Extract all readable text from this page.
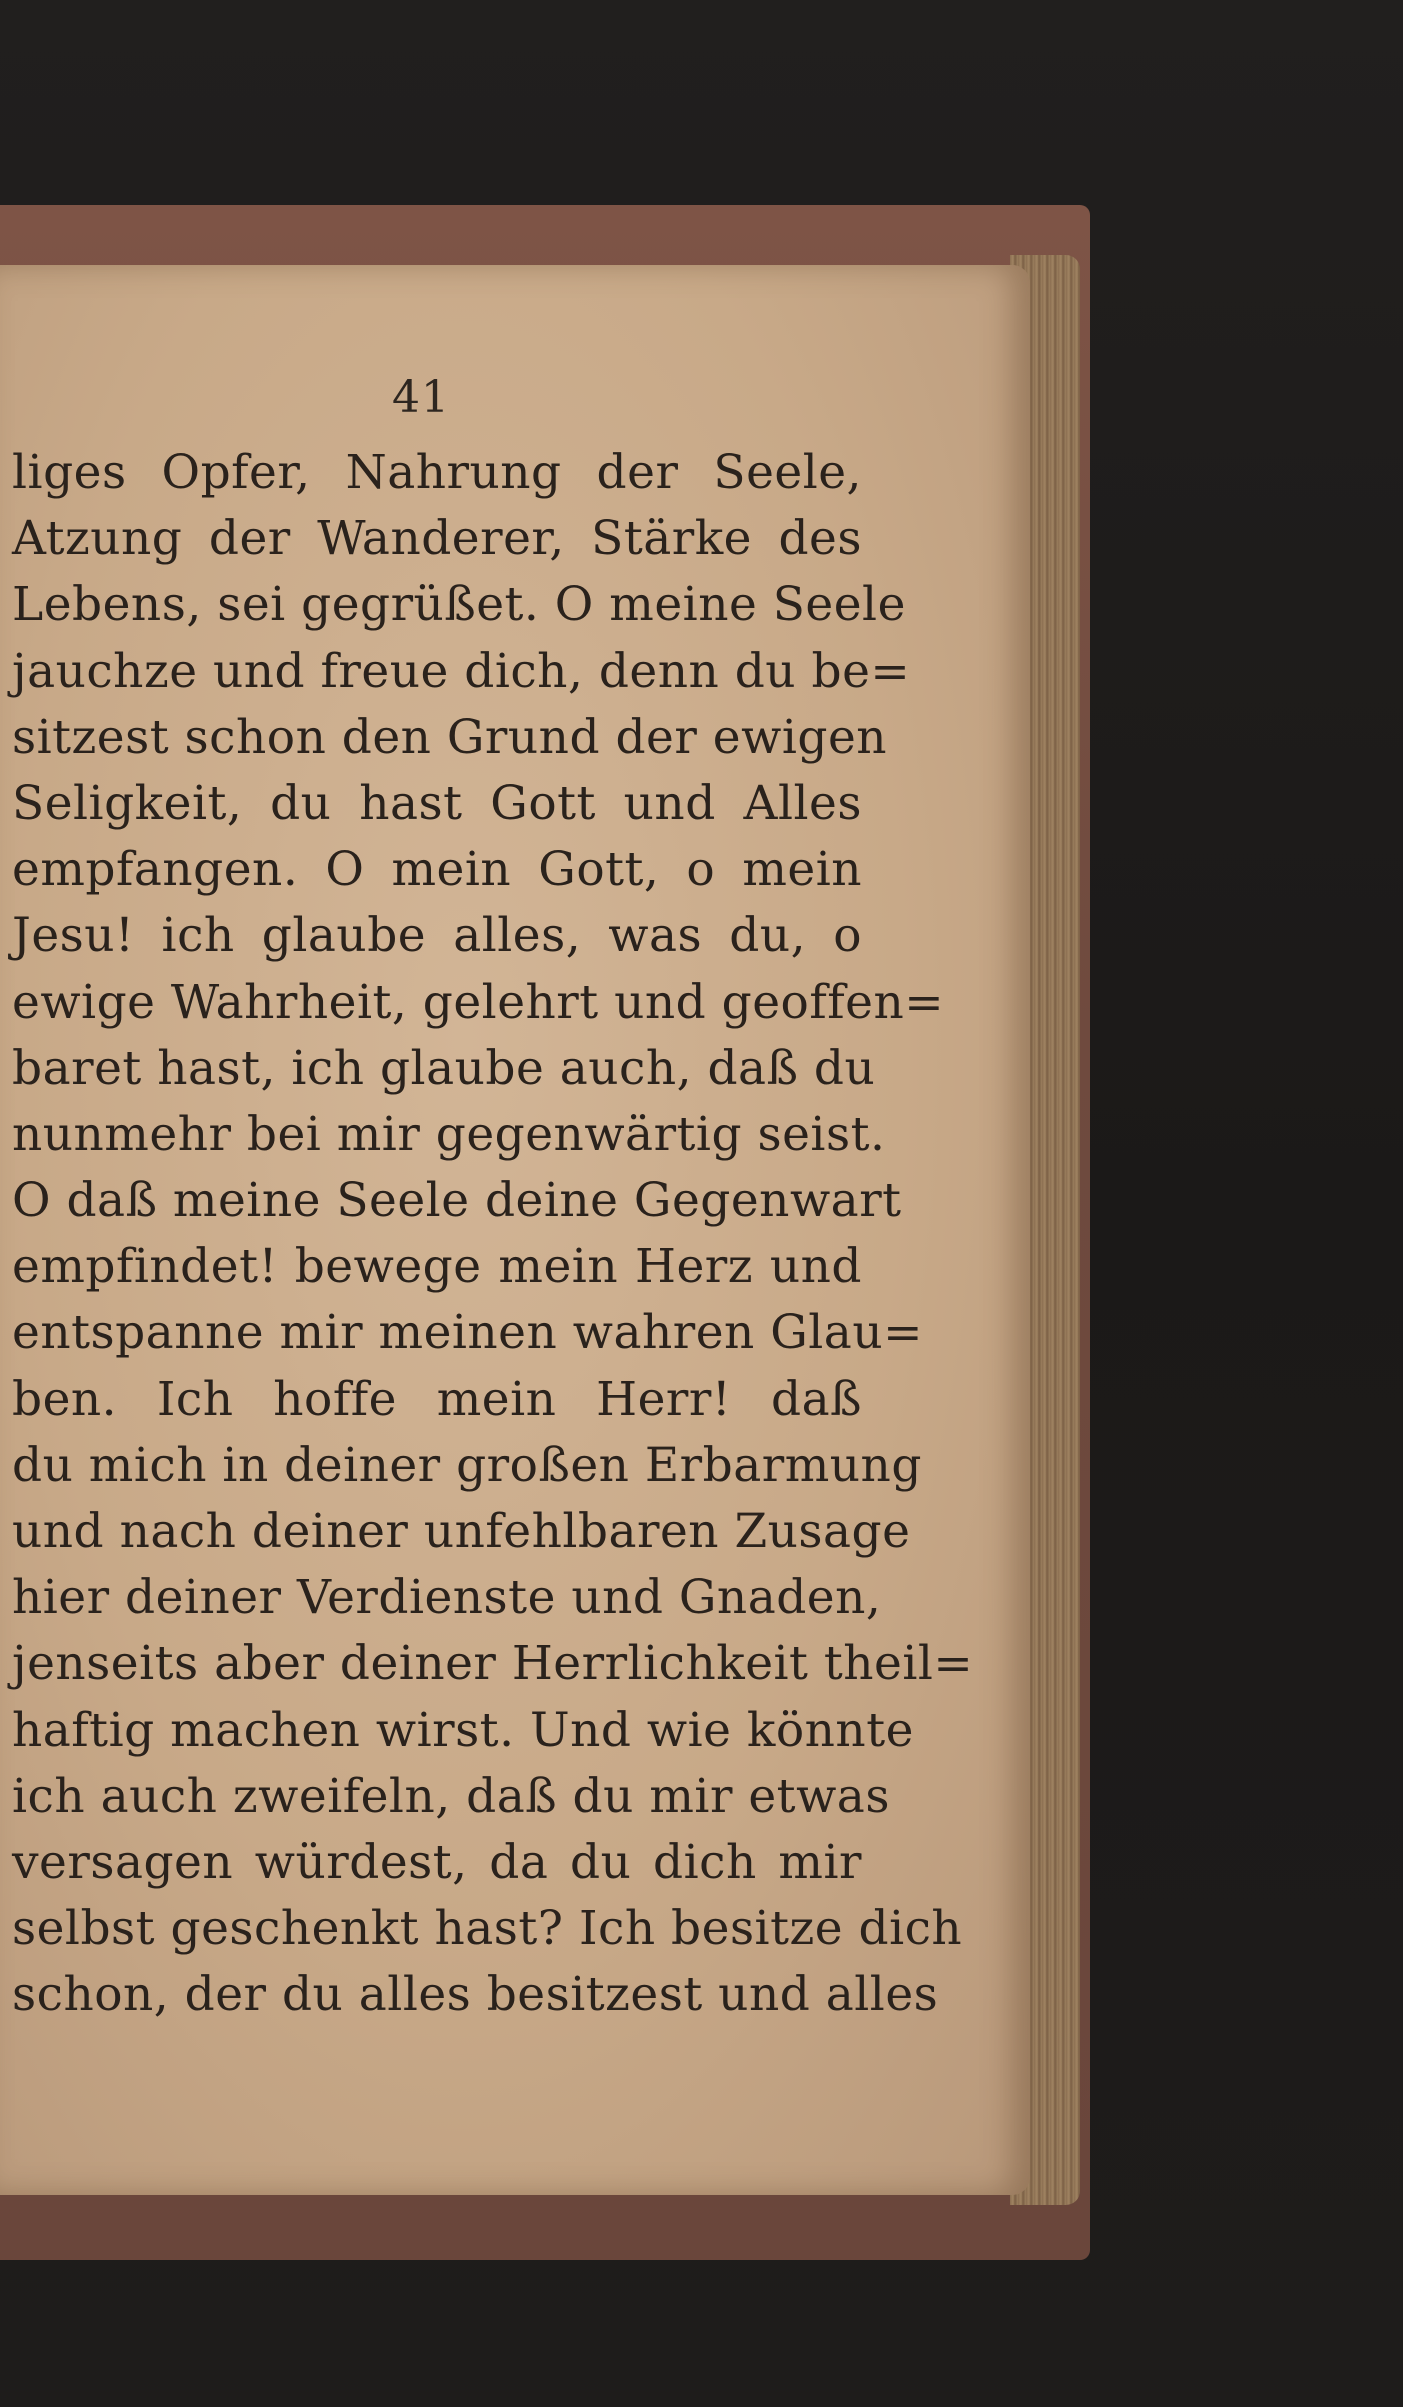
41
liges Opfer, Nahrung der Seele,
Atzung der Wanderer, Stärke des
Lebens, sei gegrüßet. O meine Seele
jauchze und freue dich, denn du be=
sitzest schon den Grund der ewigen
Seligkeit, du hast Gott und Alles
empfangen. O mein Gott, o mein
Jesu! ich glaube alles, was du, o
ewige Wahrheit, gelehrt und geoffen=
baret hast, ich glaube auch, daß du
nunmehr bei mir gegenwärtig seist.
O daß meine Seele deine Gegenwart
empfindet! bewege mein Herz und
entspanne mir meinen wahren Glau=
ben. Ich hoffe mein Herr! daß
du mich in deiner großen Erbarmung
und nach deiner unfehlbaren Zusage
hier deiner Verdienste und Gnaden,
jenseits aber deiner Herrlichkeit theil=
haftig machen wirst. Und wie könnte
ich auch zweifeln, daß du mir etwas
versagen würdest, da du dich mir
selbst geschenkt hast? Ich besitze dich
schon, der du alles besitzest und alles
